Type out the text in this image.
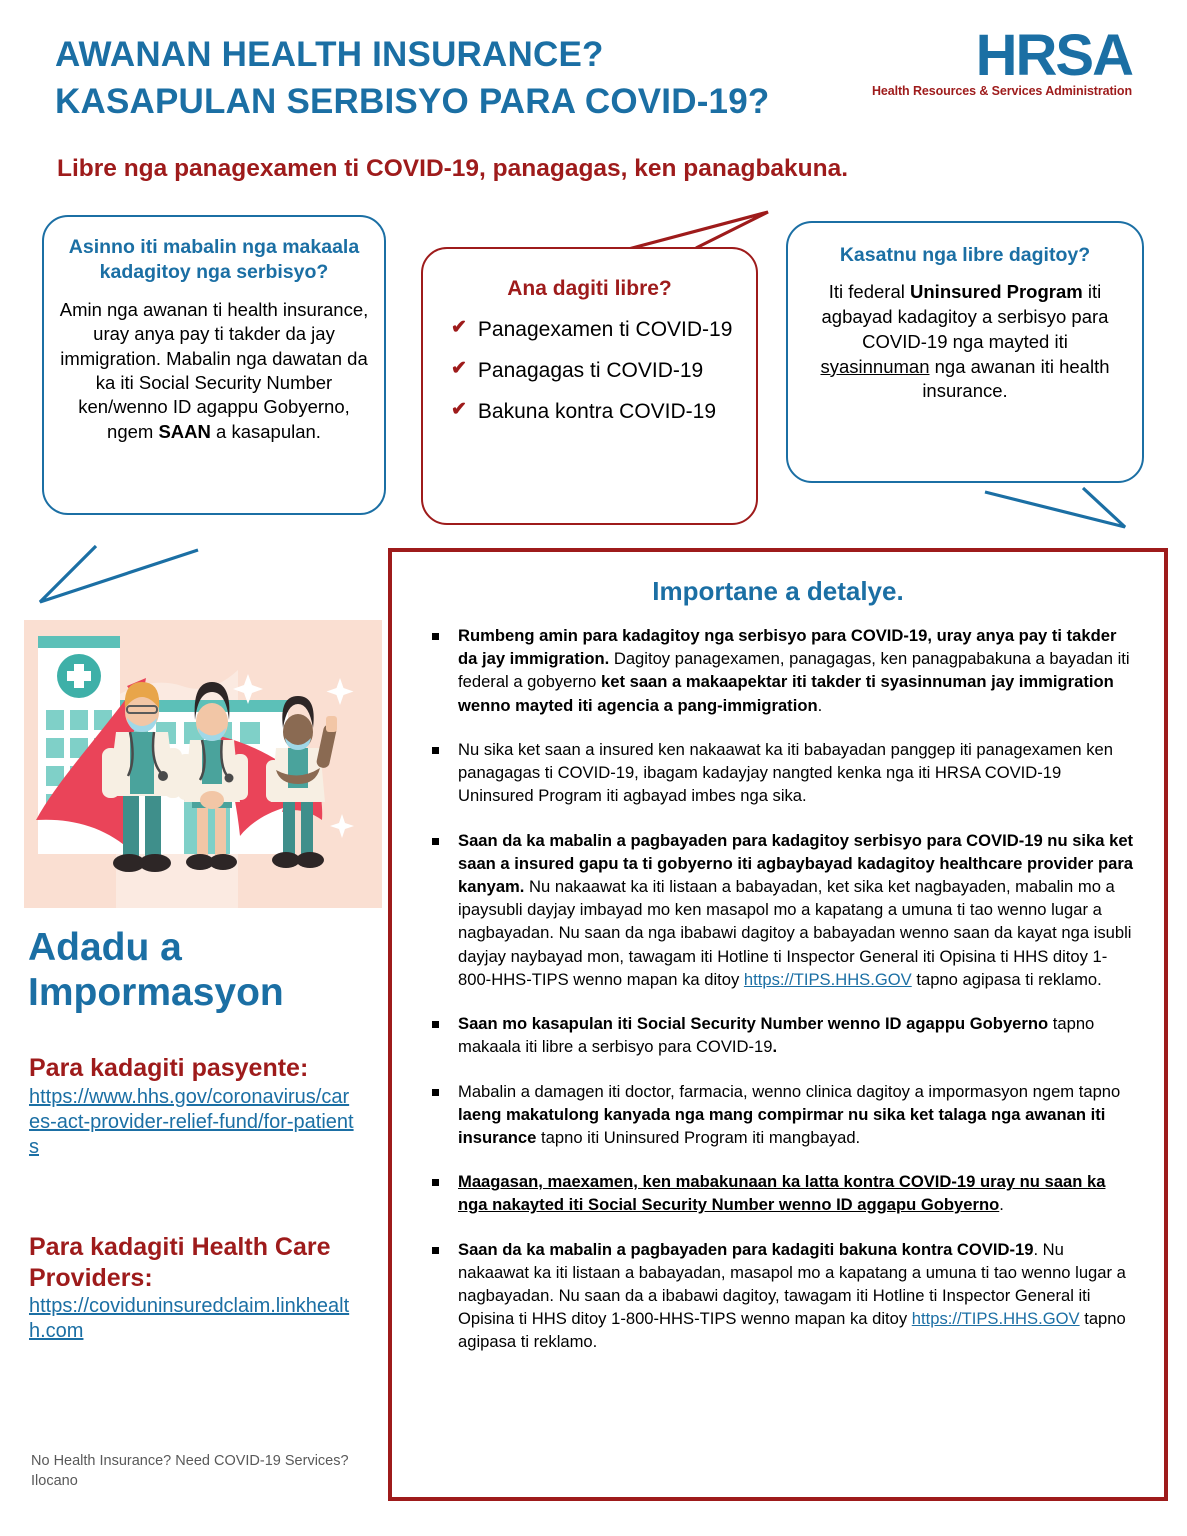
AWANAN HEALTH INSURANCE?
KASAPULAN SERBISYO PARA COVID-19?
HRSA
Health Resources & Services Administration
Libre nga panagexamen ti COVID-19, panagagas, ken panagbakuna.
Asinno iti mabalin nga makaala kadagitoy nga serbisyo?
Amin nga awanan ti health insurance, uray anya pay ti takder da jay immigration. Mabalin nga dawatan da ka iti Social Security Number ken/wenno ID agappu Gobyerno, ngem SAAN a kasapulan.
Ana dagiti libre?
✔ Panagexamen ti COVID-19
✔ Panagagas ti COVID-19
✔ Bakuna kontra COVID-19
Kasatnu nga libre dagitoy?
Iti federal Uninsured Program iti agbayad kadagitoy a serbisyo para COVID-19 nga mayted iti syasinnuman nga awanan iti health insurance.
Adadu a Impormasyon
Para kadagiti pasyente:
https://www.hhs.gov/coronavirus/cares-act-provider-relief-fund/for-patients
Para kadagiti Health Care Providers:
https://coviduninsuredclaim.linkhealth.com
No Health Insurance? Need COVID-19 Services?
Ilocano
Importane a detalye.
Rumbeng amin para kadagitoy nga serbisyo para COVID-19, uray anya pay ti takder da jay immigration. Dagitoy panagexamen, panagagas, ken panagpabakuna a bayadan iti federal a gobyerno ket saan a makaapektar iti takder ti syasinnuman jay immigration wenno mayted iti agencia a pang-immigration.
Nu sika ket saan a insured ken nakaawat ka iti babayadan panggep iti panagexamen ken panagagas ti COVID-19, ibagam kadayjay nangted kenka nga iti HRSA COVID-19 Uninsured Program iti agbayad imbes nga sika.
Saan da ka mabalin a pagbayaden para kadagitoy serbisyo para COVID-19 nu sika ket saan a insured gapu ta ti gobyerno iti agbaybayad kadagitoy healthcare provider para kanyam. Nu nakaawat ka iti listaan a babayadan, ket sika ket nagbayaden, mabalin mo a ipaysubli dayjay imbayad mo ken masapol mo a kapatang a umuna ti tao wenno lugar a nagbayadan. Nu saan da nga ibabawi dagitoy a babayadan wenno saan da kayat nga isubli dayjay naybayad mon, tawagam iti Hotline ti Inspector General iti Opisina ti HHS ditoy 1-800-HHS-TIPS wenno mapan ka ditoy https://TIPS.HHS.GOV tapno agipasa ti reklamo.
Saan mo kasapulan iti Social Security Number wenno ID agappu Gobyerno tapno makaala iti libre a serbisyo para COVID-19.
Mabalin a damagen iti doctor, farmacia, wenno clinica dagitoy a impormasyon ngem tapno laeng makatulong kanyada nga mang compirmar nu sika ket talaga nga awanan iti insurance tapno iti Uninsured Program iti mangbayad.
Maagasan, maexamen, ken mabakunaan ka latta kontra COVID-19 uray nu saan ka nga nakayted iti Social Security Number wenno ID aggapu Gobyerno.
Saan da ka mabalin a pagbayaden para kadagiti bakuna kontra COVID-19. Nu nakaawat ka iti listaan a babayadan, masapol mo a kapatang a umuna ti tao wenno lugar a nagbayadan. Nu saan da a ibabawi dagitoy, tawagam iti Hotline ti Inspector General iti Opisina ti HHS ditoy 1-800-HHS-TIPS wenno mapan ka ditoy https://TIPS.HHS.GOV tapno agipasa ti reklamo.
